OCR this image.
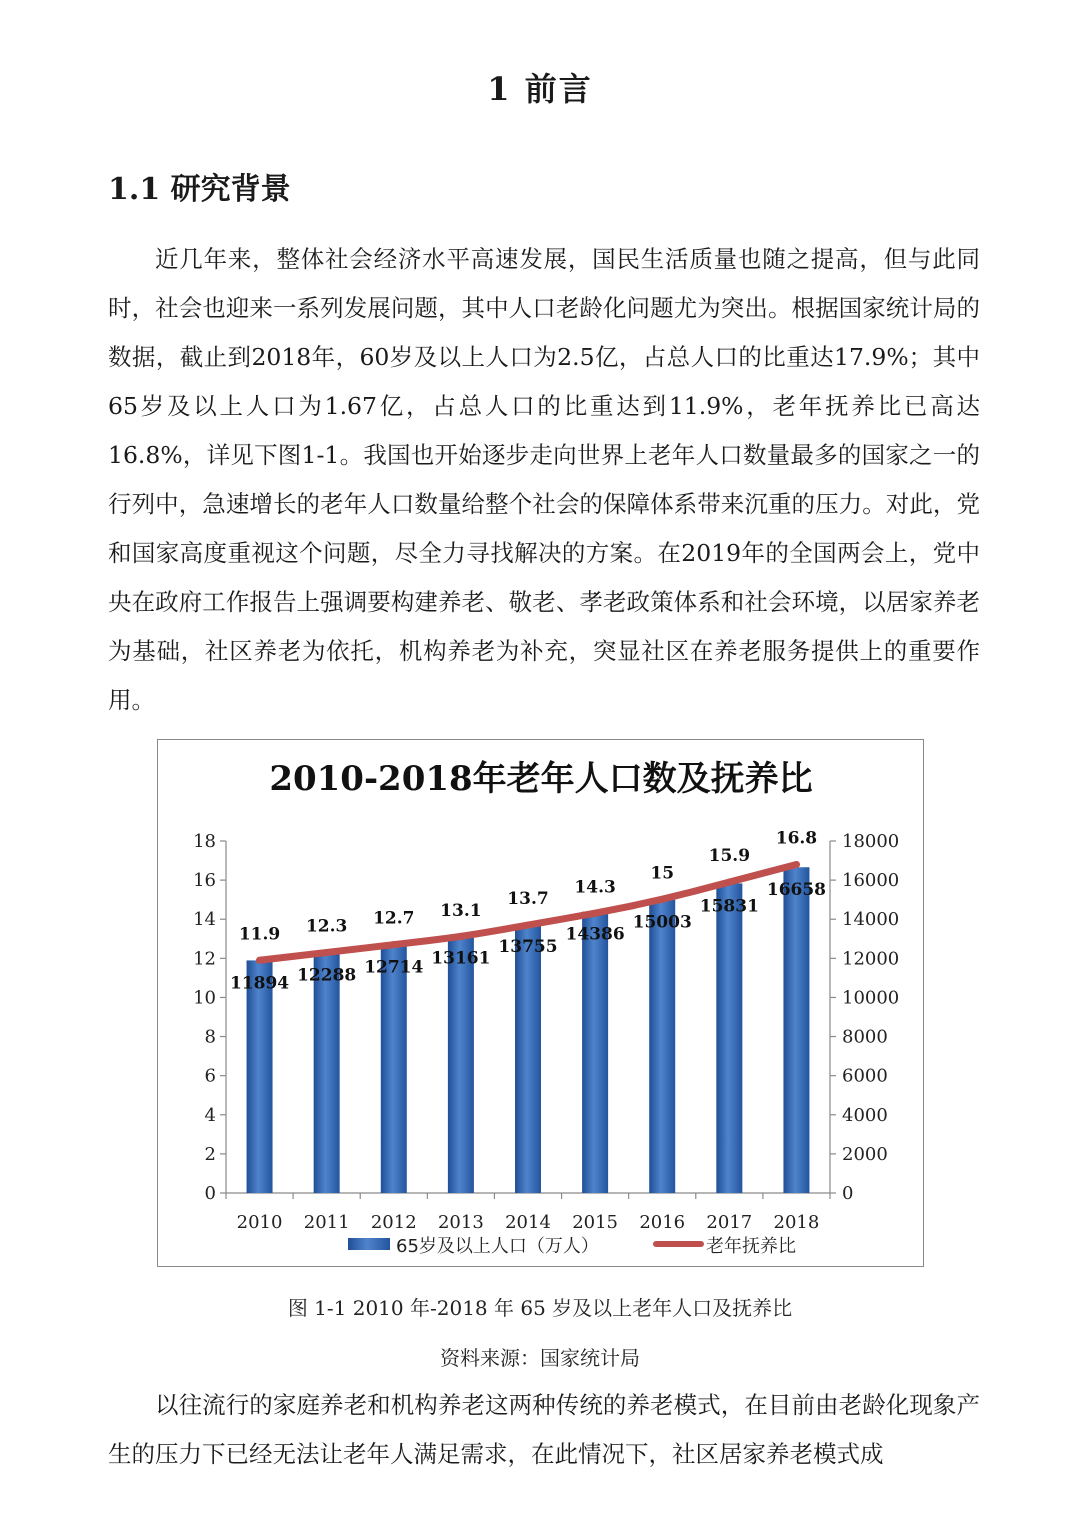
1 前言
1.1 研究背景

近几年来，整体社会经济水平高速发展，国民生活质量也随之提高，但与此同时，社会也迎来一系列发展问题，其中人口老龄化问题尤为突出。根据国家统计局的数据，截止到2018年，60岁及以上人口为2.5亿，占总人口的比重达17.9%；其中65岁及以上人口为1.67亿，占总人口的比重达到11.9%，老年抚养比已高达16.8%，详见下图1-1。我国也开始逐步走向世界上老年人口数量最多的国家之一的行列中，急速增长的老年人口数量给整个社会的保障体系带来沉重的压力。对此，党和国家高度重视这个问题，尽全力寻找解决的方案。在2019年的全国两会上，党中央在政府工作报告上强调要构建养老、敬老、孝老政策体系和社会环境，以居家养老为基础，社区养老为依托，机构养老为补充，突显社区在养老服务提供上的重要作用。

2010-2018年老年人口数及抚养比
0
2
4
6
8
10
12
14
16
18
0
2000
4000
6000
8000
10000
12000
14000
16000
18000
2010 2011 2012 2013 2014 2015 2016 2017 2018
11894 12288 12714 13161
13755
14386
15003
15831
16658
11.9 12.3 12.7 13.1
13.7
14.3
15
15.9
16.8
65岁及以上人口（万人）	老年抚养比
图 1-1 2010 年-2018 年 65 岁及以上老年人口及抚养比
资料来源：国家统计局

以往流行的家庭养老和机构养老这两种传统的养老模式，在目前由老龄化现象产生的压力下已经无法让老年人满足需求，在此情况下，社区居家养老模式成
